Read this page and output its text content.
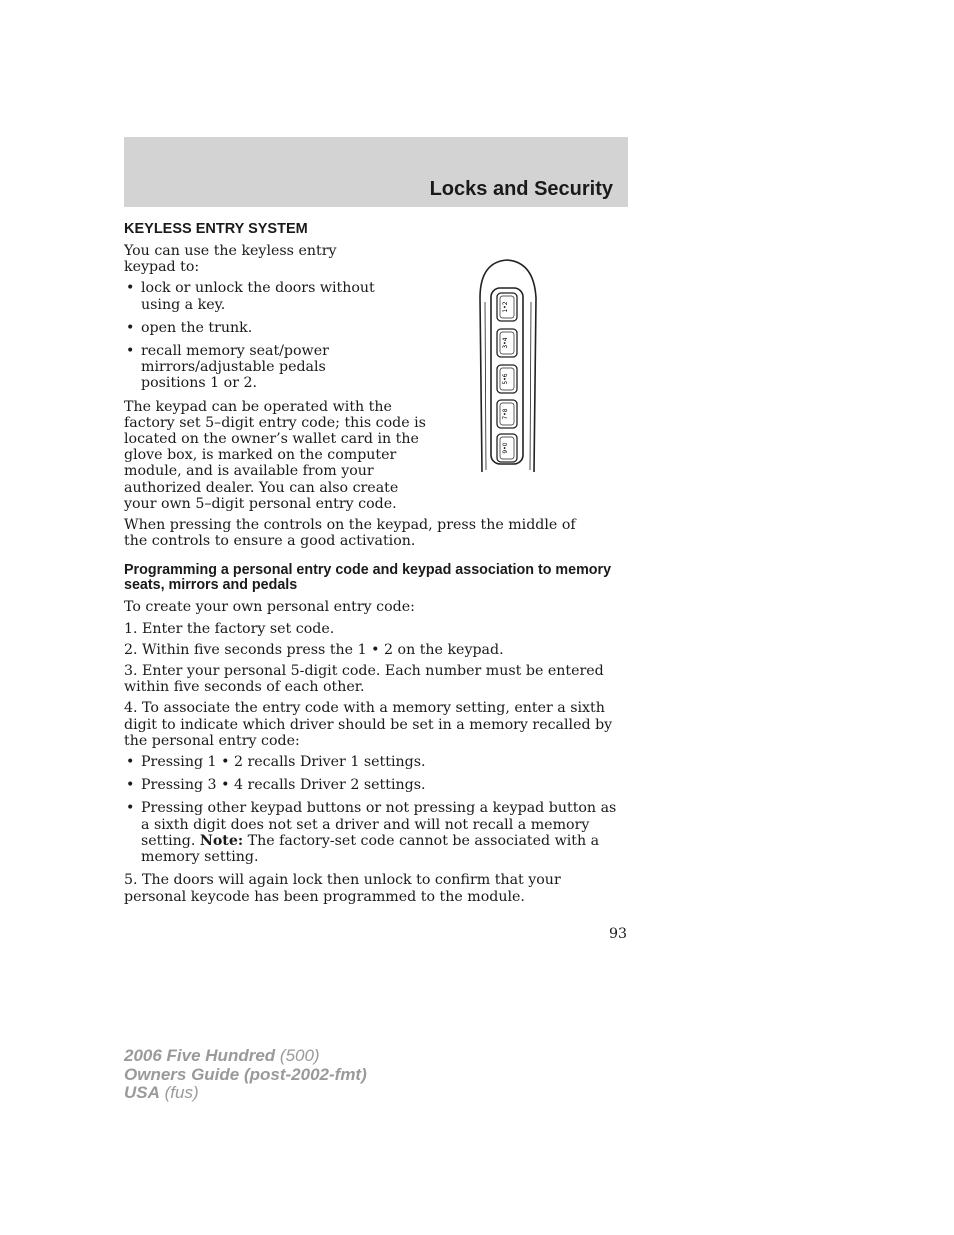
Locks and Security
KEYLESS ENTRY SYSTEM

You can use the keyless entry keypad to:

• lock or unlock the doors without using a key.
• open the trunk.
• recall memory seat/power mirrors/adjustable pedals positions 1 or 2.

The keypad can be operated with the factory set 5–digit entry code; this code is located on the owner’s wallet card in the glove box, is marked on the computer module, and is available from your authorized dealer. You can also create your own 5–digit personal entry code.

When pressing the controls on the keypad, press the middle of the controls to ensure a good activation.

Programming a personal entry code and keypad association to memory seats, mirrors and pedals

To create your own personal entry code:

1. Enter the factory set code.

2. Within five seconds press the 1 • 2 on the keypad.

3. Enter your personal 5-digit code. Each number must be entered within five seconds of each other.

4. To associate the entry code with a memory setting, enter a sixth digit to indicate which driver should be set in a memory recalled by the personal entry code:

• Pressing 1 • 2 recalls Driver 1 settings.
• Pressing 3 • 4 recalls Driver 2 settings.
• Pressing other keypad buttons or not pressing a keypad button as a sixth digit does not set a driver and will not recall a memory setting. Note: The factory-set code cannot be associated with a memory setting.

5. The doors will again lock then unlock to confirm that your personal keycode has been programmed to the module.

1•2
3•4
5•6
7•8
9•0
93
2006 Five Hundred (500)
Owners Guide (post-2002-fmt)
USA (fus)
